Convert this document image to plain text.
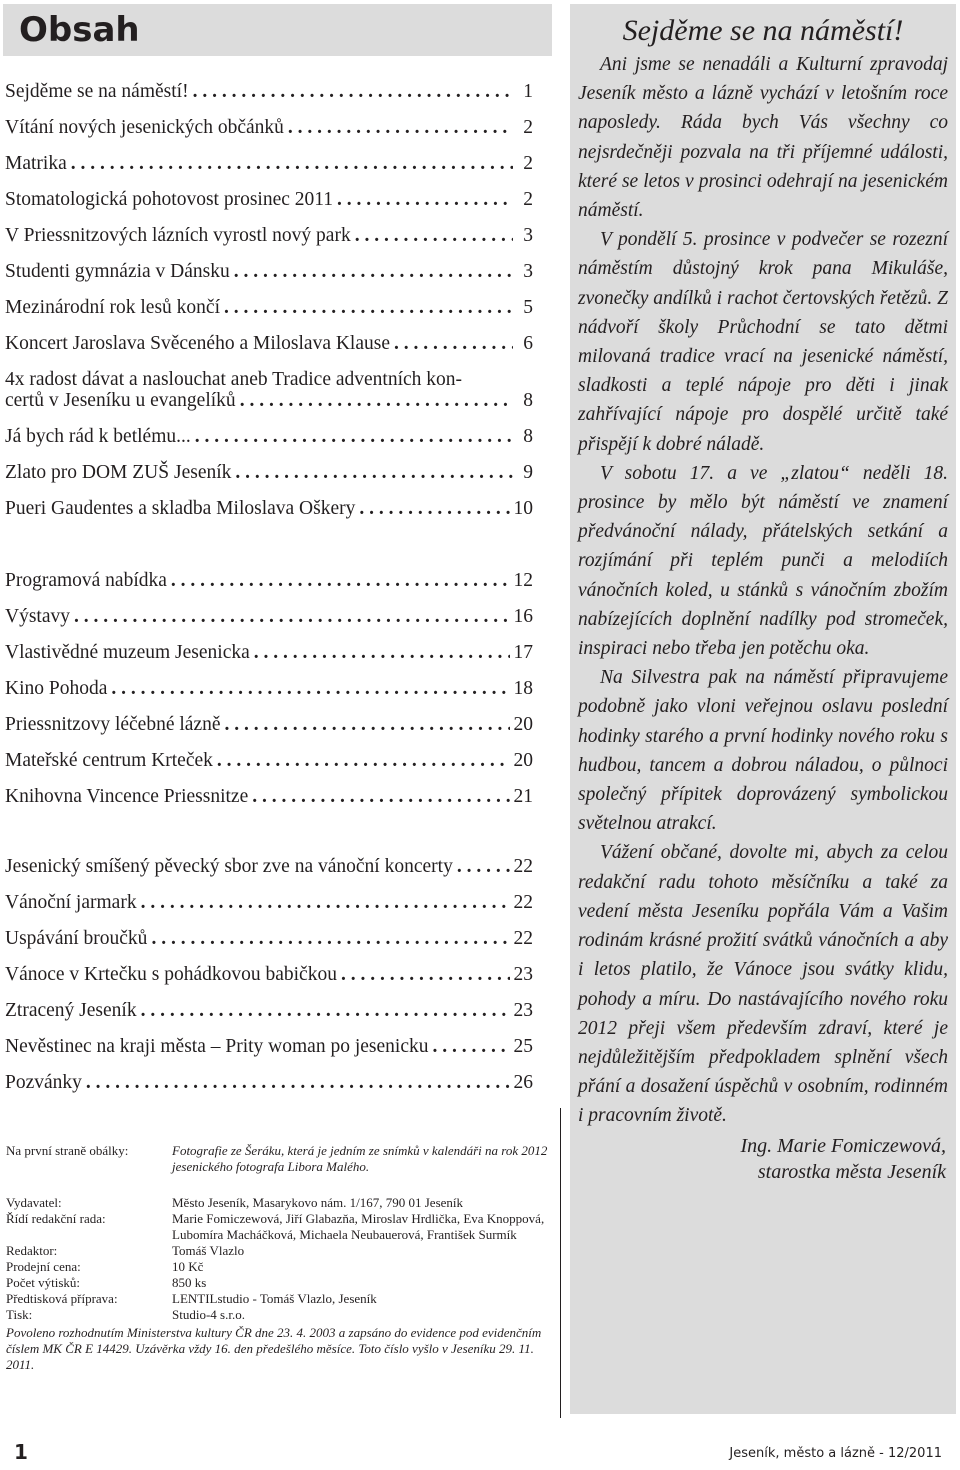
Obsah
Sejděme se na náměstí! . . .	1
Vítání nových jesenických občánků . . .	2
Matrika . . .	2
Stomatologická pohotovost prosinec 2011 . . .	2
V Priessnitzových lázních vyrostl nový park . . .	3
Studenti gymnázia v Dánsku . . .	3
Mezinárodní rok lesů končí . . .	5
Koncert Jaroslava Svěceného a Miloslava Klause . . .	6
4x radost dávat a naslouchat aneb Tradice adventních kon-
certů v Jeseníku u evangelíků . . .	8
Já bych rád k betlému... . . .	8
Zlato pro DOM ZUŠ Jeseník . . .	9
Pueri Gaudentes a skladba Miloslava Oškery . . .	10
Programová nabídka . . .	12
Výstavy . . .	16
Vlastivědné muzeum Jesenicka . . .	17
Kino Pohoda . . .	18
Priessnitzovy léčebné lázně . . .	20
Mateřské centrum Krteček . . .	20
Knihovna Vincence Priessnitze . . .	21
Jesenický smíšený pěvecký sbor zve na vánoční koncerty . . .	22
Vánoční jarmark . . .	22
Uspávání broučků . . .	22
Vánoce v Krtečku s pohádkovou babičkou . . .	23
Ztracený Jeseník . . .	23
Nevěstinec na kraji města – Prity woman po jesenicku . . .	25
Pozvánky . . .	26
Na první straně obálky:	Fotografie ze Šeráku, která je jedním ze snímků v kalendáři na rok 2012 jesenického fotografa Libora Malého.
Vydavatel:	Město Jeseník, Masarykovo nám. 1/167, 790 01 Jeseník
Řídí redakční rada:	Marie Fomiczewová, Jiří Glabazňa, Miroslav Hrdlička, Eva Knoppová, Lubomíra Macháčková, Michaela Neubauerová, František Surmík
Redaktor:	Tomáš Vlazlo
Prodejní cena:	10 Kč
Počet výtisků:	850 ks
Předtisková příprava:	LENTILstudio - Tomáš Vlazlo, Jeseník
Tisk:	Studio-4 s.r.o.
Povoleno rozhodnutím Ministerstva kultury ČR dne 23. 4. 2003 a zapsáno do evidence pod evidenčním číslem MK ČR E 14429. Uzávěrka vždy 16. den předešlého měsíce. Toto číslo vyšlo v Jeseníku 29. 11. 2011.
Sejděme se na náměstí!

Ani jsme se nenadáli a Kulturní zpravodaj Jeseník město a lázně vychází v letošním roce naposledy. Ráda bych Vás všechny co nejsrdečněji pozvala na tři příjemné události, které se letos v prosinci odehrají na jesenickém náměstí.

V pondělí 5. prosince v podvečer se rozezní náměstím důstojný krok pana Mikuláše, zvonečky andílků i rachot čertovských řetězů. Z nádvoří školy Průchodní se tato dětmi milovaná tradice vrací na jesenické náměstí, sladkosti a teplé nápoje pro děti i jinak zahřívající nápoje pro dospělé určitě také přispějí k dobré náladě.

V sobotu 17. a ve „zlatou“ neděli 18. prosince by mělo být náměstí ve znamení předvánoční nálady, přátelských setkání a rozjímání při teplém punči a melodiích vánočních koled, u stánků s vánočním zbožím nabízejících doplnění nadílky pod stromeček, inspiraci nebo třeba jen potěchu oka.

Na Silvestra pak na náměstí připravujeme podobně jako vloni veřejnou oslavu poslední hodinky starého a první hodinky nového roku s hudbou, tancem a dobrou náladou, o půlnoci společný přípitek doprovázený symbolickou světelnou atrakcí.

Vážení občané, dovolte mi, abych za celou redakční radu tohoto měsíčníku a také za vedení města Jeseníku popřála Vám a Vašim rodinám krásné prožití svátků vánočních a aby i letos platilo, že Vánoce jsou svátky klidu, pohody a míru. Do nastávajícího nového roku 2012 přeji všem především zdraví, které je nejdůležitějším předpokladem splnění všech přání a dosažení úspěchů v osobním, rodinném i pracovním životě.

Ing. Marie Fomiczewová,
starostka města Jeseník
1	Jeseník, město a lázně - 12/2011
